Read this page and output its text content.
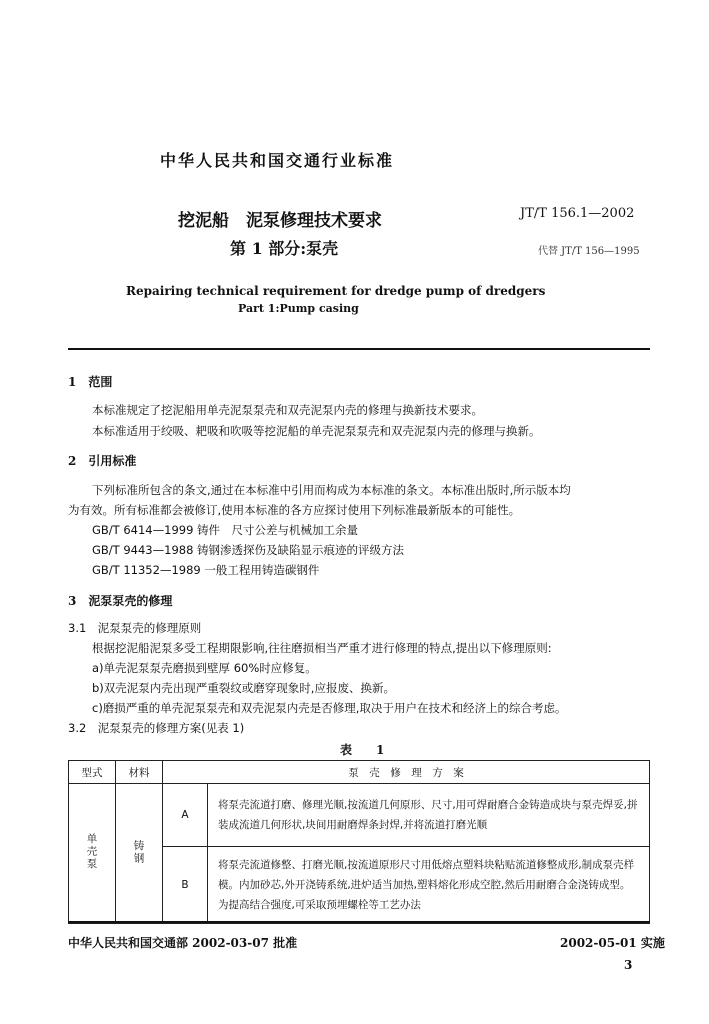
中华人民共和国交通行业标准
挖泥船　泥泵修理技术要求	JT/T 156.1—2002
第 1 部分:泵壳	代替 JT/T 156—1995
Repairing technical requirement for dredge pump of dredgers
Part 1:Pump casing
1　范围
本标准规定了挖泥船用单壳泥泵泵壳和双壳泥泵内壳的修理与换新技术要求。
本标准适用于绞吸、耙吸和吹吸等挖泥船的单壳泥泵泵壳和双壳泥泵内壳的修理与换新。
2　引用标准
下列标准所包含的条文,通过在本标准中引用而构成为本标准的条文。本标准出版时,所示版本均
为有效。所有标准都会被修订,使用本标准的各方应探讨使用下列标准最新版本的可能性。
GB/T 6414—1999 铸件　尺寸公差与机械加工余量
GB/T 9443—1988 铸钢渗透探伤及缺陷显示痕迹的评级方法
GB/T 11352—1989 一般工程用铸造碳钢件
3　泥泵泵壳的修理
3.1　泥泵泵壳的修理原则
根据挖泥船泥泵多受工程期限影响,往往磨损相当严重才进行修理的特点,提出以下修理原则:
a)单壳泥泵泵壳磨损到壁厚 60%时应修复。
b)双壳泥泵内壳出现严重裂纹或磨穿现象时,应报废、换新。
c)磨损严重的单壳泥泵泵壳和双壳泥泵内壳是否修理,取决于用户在技术和经济上的综合考虑。
3.2　泥泵泵壳的修理方案(见表 1)
表　1
型式	材料	泵　壳　修　理　方　案	
单壳泵	铸钢	A	将泵壳流道打磨、修理光顺,按流道几何原形、尺寸,用可焊耐磨合金铸造成块与泵壳焊妥,拼装成流道几何形状,块间用耐磨焊条封焊,并将流道打磨光顺
		B	将泵壳流道修整、打磨光顺,按流道原形尺寸用低熔点塑料块粘贴流道修整成形,制成泵壳样模。内加砂芯,外开浇铸系统,进炉适当加热,塑料熔化形成空腔,然后用耐磨合金浇铸成型。为提高结合强度,可采取预埋螺栓等工艺办法
中华人民共和国交通部 2002-03-07 批准	2002-05-01 实施
3
